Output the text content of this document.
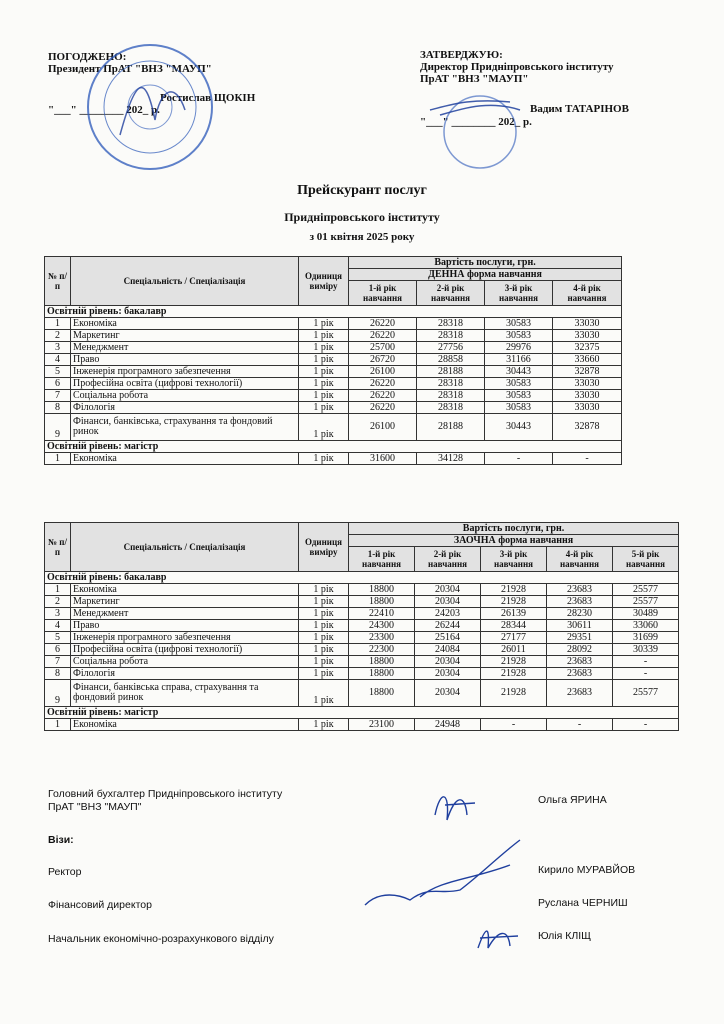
ПОГОДЖЕНО:
Президент ПрАТ "ВНЗ "МАУП"
Ростислав ЩОКІН
"___" ________ 202_ р.
ЗАТВЕРДЖУЮ:
Директор Придніпровського інституту
ПрАТ "ВНЗ "МАУП"
Вадим ТАТАРІНОВ
"___" ________ 202_ р.
Прейскурант послуг
Придніпровського інституту
з 01 квітня 2025 року
№ п/п	Спеціальність / Спеціалізація	Одиниця виміру	Вартість послуги, грн.			
			ДЕННА форма навчання			
			1-й рік навчання	2-й рік навчання	3-й рік навчання	4-й рік навчання
Освітній рівень: бакалавр						
1	Економіка	1 рік	26220	28318	30583	33030
2	Маркетинг	1 рік	26220	28318	30583	33030
3	Менеджмент	1 рік	25700	27756	29976	32375
4	Право	1 рік	26720	28858	31166	33660
5	Інженерія програмного забезпечення	1 рік	26100	28188	30443	32878
6	Професійна освіта (цифрові технології)	1 рік	26220	28318	30583	33030
7	Соціальна робота	1 рік	26220	28318	30583	33030
8	Філологія	1 рік	26220	28318	30583	33030
9	Фінанси, банківська, страхування та фондовий ринок	1 рік	26100	28188	30443	32878
Освітній рівень: магістр						
1	Економіка	1 рік	31600	34128	-	-
№ п/п	Спеціальність / Спеціалізація	Одиниця виміру	Вартість послуги, грн.				
			ЗАОЧНА форма навчання				
			1-й рік навчання	2-й рік навчання	3-й рік навчання	4-й рік навчання	5-й рік навчання
Освітній рівень: бакалавр							
1	Економіка	1 рік	18800	20304	21928	23683	25577
2	Маркетинг	1 рік	18800	20304	21928	23683	25577
3	Менеджмент	1 рік	22410	24203	26139	28230	30489
4	Право	1 рік	24300	26244	28344	30611	33060
5	Інженерія програмного забезпечення	1 рік	23300	25164	27177	29351	31699
6	Професійна освіта (цифрові технології)	1 рік	22300	24084	26011	28092	30339
7	Соціальна робота	1 рік	18800	20304	21928	23683	-
8	Філологія	1 рік	18800	20304	21928	23683	-
9	Фінанси, банківська справа, страхування та фондовий ринок	1 рік	18800	20304	21928	23683	25577
Освітній рівень: магістр							
1	Економіка	1 рік	23100	24948	-	-	-
Головний бухгалтер Придніпровського інституту
ПрАТ "ВНЗ "МАУП"
Ольга ЯРИНА
Візи:
Ректор	Кирило МУРАВЙОВ
Фінансовий директор	Руслана ЧЕРНИШ
Начальник економічно-розрахункового відділу	Юлія КЛІЩ
